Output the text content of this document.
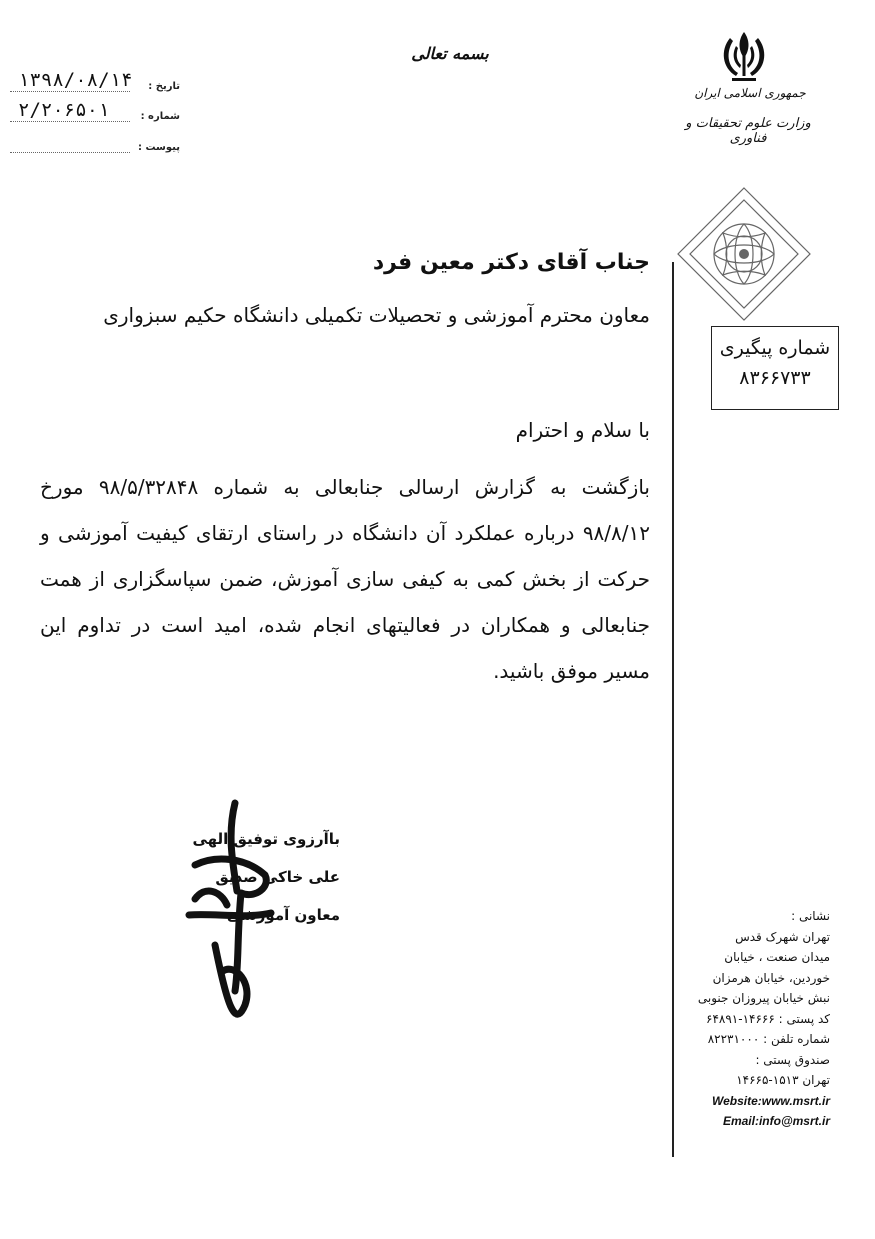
جمهوری اسلامی ایران
وزارت علوم تحقیقات و فناوری
بسمه تعالی
۱۳۹۸/۰۸/۱۴ تاریخ :
۲/۲۰۶۵۰۱	شماره :
پیوست :
شماره پیگیری
۸۳۶۶۷۳۳
جناب آقای دکتر معین فرد
معاون محترم آموزشی و تحصیلات تکمیلی دانشگاه حکیم سبزواری
با سلام و احترام
بازگشت به گزارش ارسالی جنابعالی به شماره ۹۸/۵/۳۲۸۴۸ مورخ ۹۸/۸/۱۲ درباره عملکرد آن دانشگاه در راستای ارتقای کیفیت آموزشی و حرکت از بخش کمی به کیفی سازی آموزش، ضمن سپاسگزاری از همت جنابعالی و همکاران در فعالیتهای انجام شده، امید است در تداوم این مسیر موفق باشید.
باآرزوی توفیق الهی
علی خاکی صدیق
معاون آموزشی	نشانی :
تهران شهرک قدس
میدان صنعت ، خیابان
خوردین، خیابان هرمزان
نبش خیابان پیروزان جنوبی
کد پستی : ۱۴۶۶۶-۶۴۸۹۱
شماره تلفن : ۸۲۲۳۱۰۰۰
صندوق پستی :
تهران ۱۵۱۳-۱۴۶۶۵
Website:www.msrt.ir
Email:info@msrt.ir
